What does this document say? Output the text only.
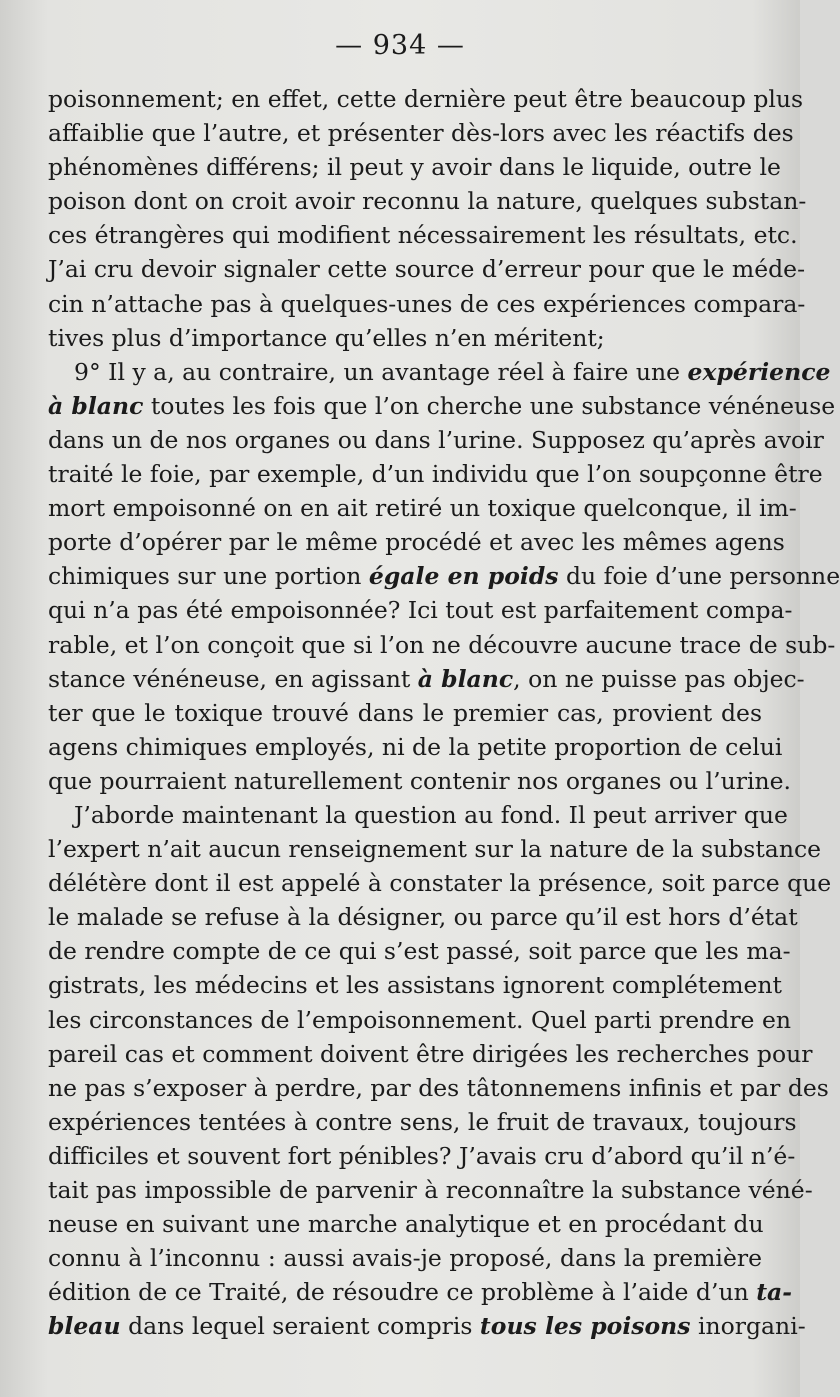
— 934 —
poisonnement; en effet, cette dernière peut être beaucoup plus
affaiblie que l’autre, et présenter dès-lors avec les réactifs des
phénomènes différens; il peut y avoir dans le liquide, outre le
poison dont on croit avoir reconnu la nature, quelques substan-
ces étrangères qui modifient nécessairement les résultats, etc.
J’ai cru devoir signaler cette source d’erreur pour que le méde-
cin n’attache pas à quelques-unes de ces expériences compara-
tives plus d’importance qu’elles n’en méritent;
9° Il y a, au contraire, un avantage réel à faire une expérience
à blanc toutes les fois que l’on cherche une substance vénéneuse
dans un de nos organes ou dans l’urine. Supposez qu’après avoir
traité le foie, par exemple, d’un individu que l’on soupçonne être
mort empoisonné on en ait retiré un toxique quelconque, il im-
porte d’opérer par le même procédé et avec les mêmes agens
chimiques sur une portion égale en poids du foie d’une personne
qui n’a pas été empoisonnée? Ici tout est parfaitement compa-
rable, et l’on conçoit que si l’on ne découvre aucune trace de sub-
stance vénéneuse, en agissant à blanc, on ne puisse pas objec-
ter que le toxique trouvé dans le premier cas, provient des
agens chimiques employés, ni de la petite proportion de celui
que pourraient naturellement contenir nos organes ou l’urine.
J’aborde maintenant la question au fond. Il peut arriver que
l’expert n’ait aucun renseignement sur la nature de la substance
délétère dont il est appelé à constater la présence, soit parce que
le malade se refuse à la désigner, ou parce qu’il est hors d’état
de rendre compte de ce qui s’est passé, soit parce que les ma-
gistrats, les médecins et les assistans ignorent complétement
les circonstances de l’empoisonnement. Quel parti prendre en
pareil cas et comment doivent être dirigées les recherches pour
ne pas s’exposer à perdre, par des tâtonnemens infinis et par des
expériences tentées à contre sens, le fruit de travaux, toujours
difficiles et souvent fort pénibles? J’avais cru d’abord qu’il n’é-
tait pas impossible de parvenir à reconnaître la substance véné-
neuse en suivant une marche analytique et en procédant du
connu à l’inconnu : aussi avais-je proposé, dans la première
édition de ce Traité, de résoudre ce problème à l’aide d’un ta-
bleau dans lequel seraient compris tous les poisons inorgani-
